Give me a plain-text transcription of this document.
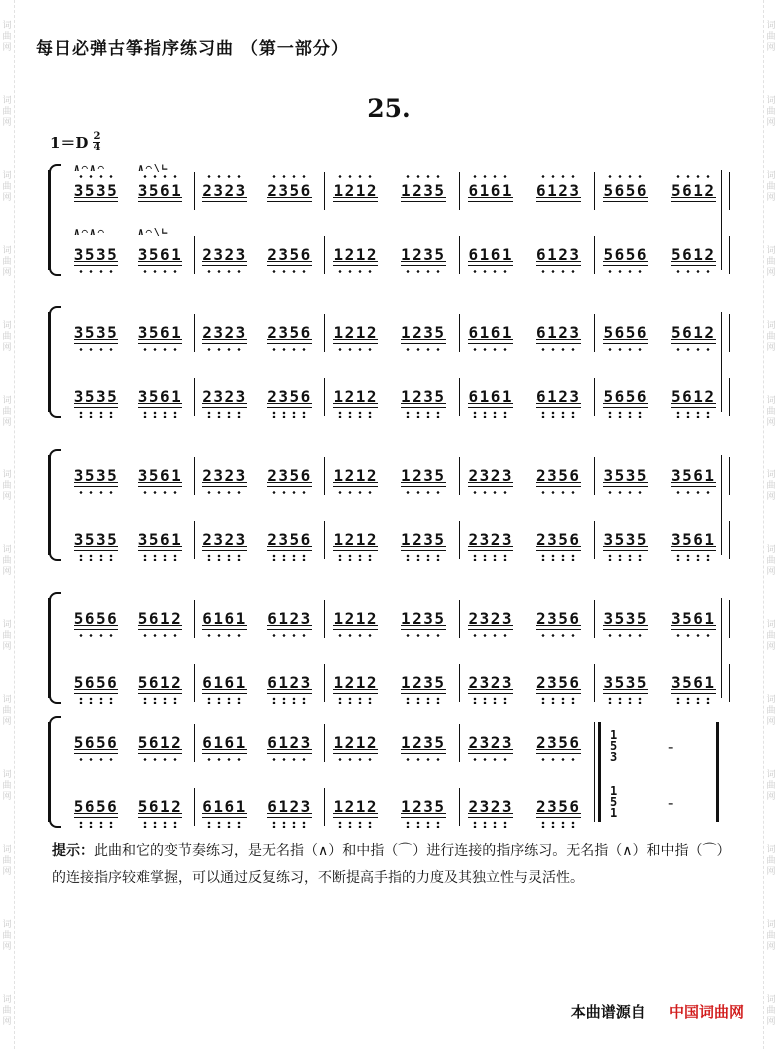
词
曲
网
词
曲
网
词
曲
网
词
曲
网
词
曲
网
词
曲
网
词
曲
网
词
曲
网
词
曲
网
词
曲
网
词
曲
网
词
曲
网
词
曲
网
词
曲
网
词
曲
网
词
曲
网
词
曲
网
词
曲
网
词
曲
网
词
曲
网
词
曲
网
词
曲
网
词
曲
网
词
曲
网
词
曲
网
词
曲
网
词
曲
网
词
曲
网
每日必弹古筝指序练习曲 （第一部分）
25.
1＝D 2
4
3535
∧⌒∧⌒
3561
∧⌒\∟
2323 2356 1212 1235 6161 6123 5656 5612
3535
∧⌒∧⌒
3561
∧⌒\∟
2323 2356 1212 1235 6161 6123 5656 5612
3535 3561 2323 2356 1212 1235 6161 6123 5656 5612
3535 3561 2323 2356 1212 1235 6161 6123 5656 5612
3535 3561 2323 2356 1212 1235 2323 2356 3535 3561
3535 3561 2323 2356 1212 1235 2323 2356 3535 3561
5656 5612 6161 6123 1212 1235 2323 2356 3535 3561
5656 5612 6161 6123 1212 1235 2323 2356 3535 3561
5656 5612 6161 6123 1212 1235 2323 2356
5656 5612 6161 6123 1212 1235 2323 2356
1
5
3
-
1
5
1
-
提示：此曲和它的变节奏练习，是无名指（∧）和中指（⌒）进行连接的指序练习。无名指（∧）和中指（⌒）的连接指序较难掌握，可以通过反复练习，不断提高手指的力度及其独立性与灵活性。
本曲谱源自 中国词曲网
